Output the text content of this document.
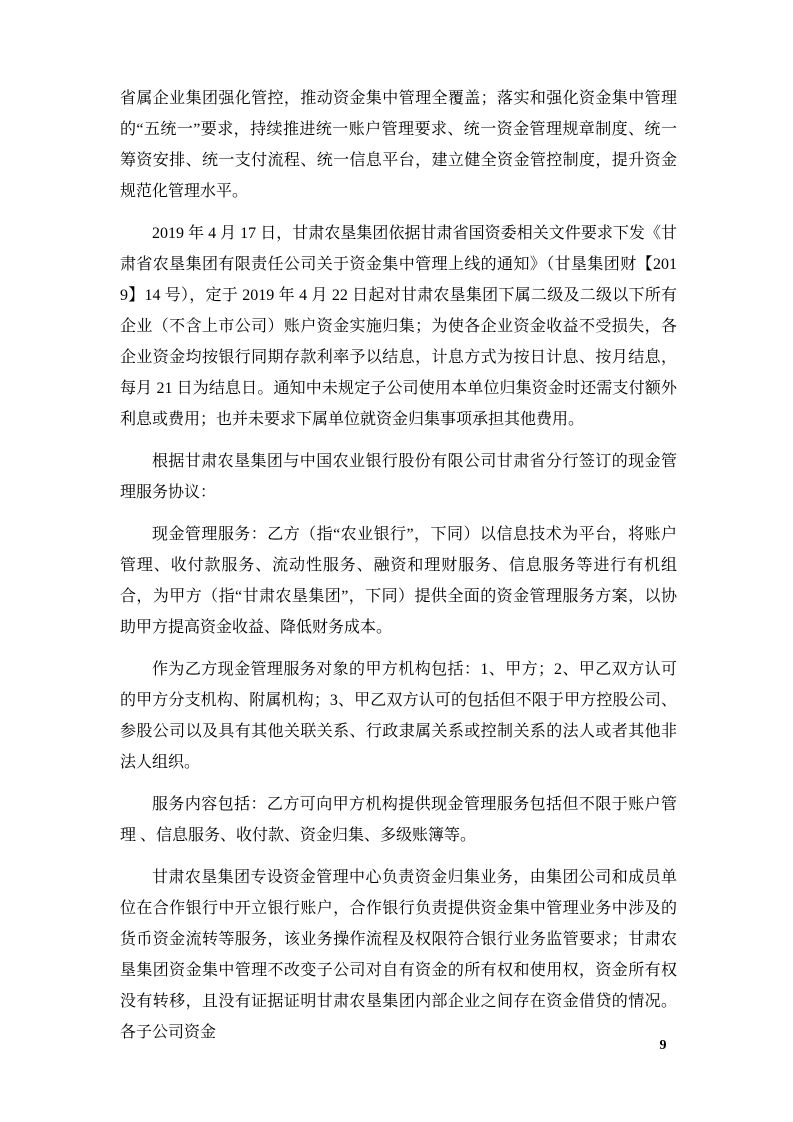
省属企业集团强化管控，推动资金集中管理全覆盖；落实和强化资金集中管理的“五统一”要求，持续推进统一账户管理要求、统一资金管理规章制度、统一筹资安排、统一支付流程、统一信息平台，建立健全资金管控制度，提升资金规范化管理水平。

2019 年 4 月 17 日，甘肃农垦集团依据甘肃省国资委相关文件要求下发《甘肃省农垦集团有限责任公司关于资金集中管理上线的通知》（甘垦集团财【2019】14 号），定于 2019 年 4 月 22 日起对甘肃农垦集团下属二级及二级以下所有企业（不含上市公司）账户资金实施归集；为使各企业资金收益不受损失，各企业资金均按银行同期存款利率予以结息，计息方式为按日计息、按月结息，每月 21 日为结息日。通知中未规定子公司使用本单位归集资金时还需支付额外利息或费用；也并未要求下属单位就资金归集事项承担其他费用。

根据甘肃农垦集团与中国农业银行股份有限公司甘肃省分行签订的现金管理服务协议：

现金管理服务：乙方（指“农业银行”，下同）以信息技术为平台，将账户管理、收付款服务、流动性服务、融资和理财服务、信息服务等进行有机组合，为甲方（指“甘肃农垦集团”，下同）提供全面的资金管理服务方案，以协助甲方提高资金收益、降低财务成本。

作为乙方现金管理服务对象的甲方机构包括：1、甲方；2、甲乙双方认可的甲方分支机构、附属机构；3、甲乙双方认可的包括但不限于甲方控股公司、参股公司以及具有其他关联关系、行政隶属关系或控制关系的法人或者其他非法人组织。

服务内容包括：乙方可向甲方机构提供现金管理服务包括但不限于账户管理 、信息服务、收付款、资金归集、多级账簿等。

甘肃农垦集团专设资金管理中心负责资金归集业务，由集团公司和成员单位在合作银行中开立银行账户，合作银行负责提供资金集中管理业务中涉及的货币资金流转等服务，该业务操作流程及权限符合银行业务监管要求；甘肃农垦集团资金集中管理不改变子公司对自有资金的所有权和使用权，资金所有权没有转移，且没有证据证明甘肃农垦集团内部企业之间存在资金借贷的情况。各子公司资金

9
